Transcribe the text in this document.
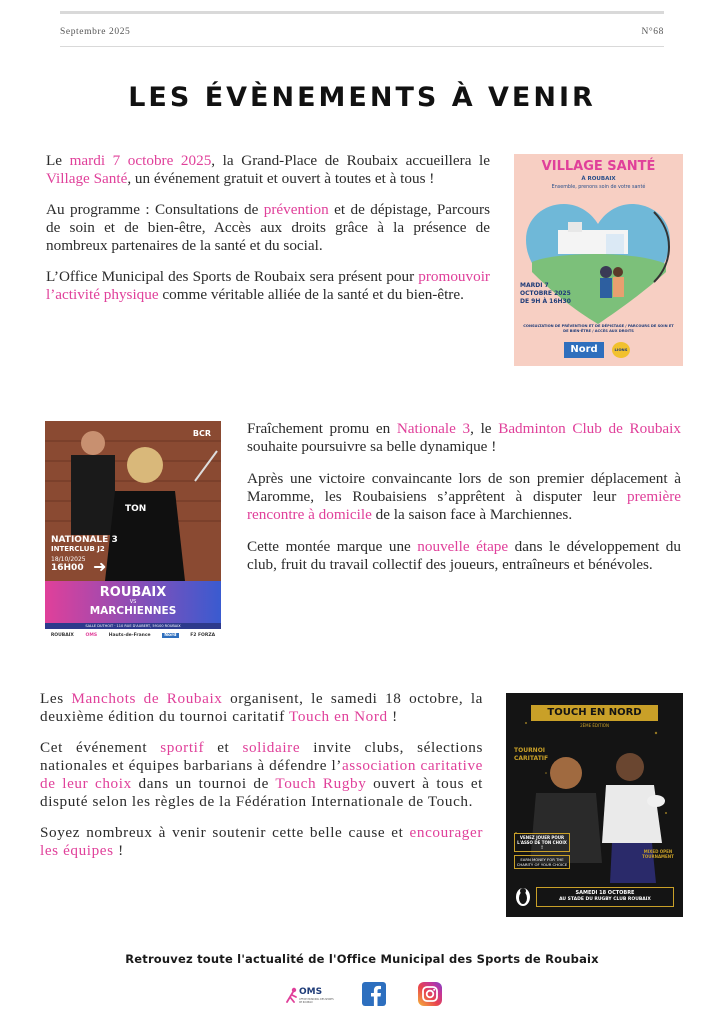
Septembre 2025	N°68
LES ÉVÈNEMENTS À VENIR

Le mardi 7 octobre 2025, la Grand-Place de Roubaix accueillera le Village Santé, un événement gratuit et ouvert à toutes et à tous !

Au programme : Consultations de prévention et de dépistage, Parcours de soin et de bien-être, Accès aux droits grâce à la présence de nombreux partenaires de la santé et du social.

L’Office Municipal des Sports de Roubaix sera présent pour promouvoir l’activité physique comme véritable alliée de la santé et du bien-être.

VILLAGE SANTÉ
À ROUBAIX
Ensemble, prenons soin de votre santé
MARDI 7 OCTOBRE 2025 DE 9H À 16H30
CONSULTATION DE PRÉVENTION ET DE DÉPISTAGE / PARCOURS DE SOIN ET DE BIEN-ÊTRE / ACCÈS AUX DROITS
Nord	LIONS
TON
BCR
NATIONALE 3
INTERCLUB J2
18/10/2025
16H00 ➜
ROUBAIX
VS
MARCHIENNES
SALLE DUTHOIT · 110 RUE D'AUBERT, 59100 ROUBAIX
ROUBAIX	OMS	Hauts-de-France	Nord	F2 FORZA

Fraîchement promu en Nationale 3, le Badminton Club de Roubaix souhaite poursuivre sa belle dynamique !

Après une victoire convaincante lors de son premier déplacement à Maromme, les Roubaisiens s’apprêtent à disputer leur première rencontre à domicile de la saison face à Marchiennes.

Cette montée marque une nouvelle étape dans le développement du club, fruit du travail collectif des joueurs, entraîneurs et bénévoles.

Les Manchots de Roubaix organisent, le samedi 18 octobre, la deuxième édition du tournoi caritatif Touch en Nord !

Cet événement sportif et solidaire invite clubs, sélections nationales et équipes barbarians à défendre l’association caritative de leur choix dans un tournoi de Touch Rugby ouvert à tous et disputé selon les règles de la Fédération Internationale de Touch.

Soyez nombreux à venir soutenir cette belle cause et encourager les équipes !

TOUCH EN NORD
2ÈME ÉDITION
TOURNOI
CARITATIF
VENEZ JOUER POUR L'ASSO DE TON CHOIX !
EARN MONEY FOR THE CHARITY OF YOUR CHOICE
MIXED OPEN TOURNAMENT
SAMEDI 18 OCTOBRE
AU STADE DU RUGBY CLUB ROUBAIX
Retrouvez toute l'actualité de l'Office Municipal des Sports de Roubaix
OMS
OFFICE MUNICIPAL DES SPORTS DE ROUBAIX
